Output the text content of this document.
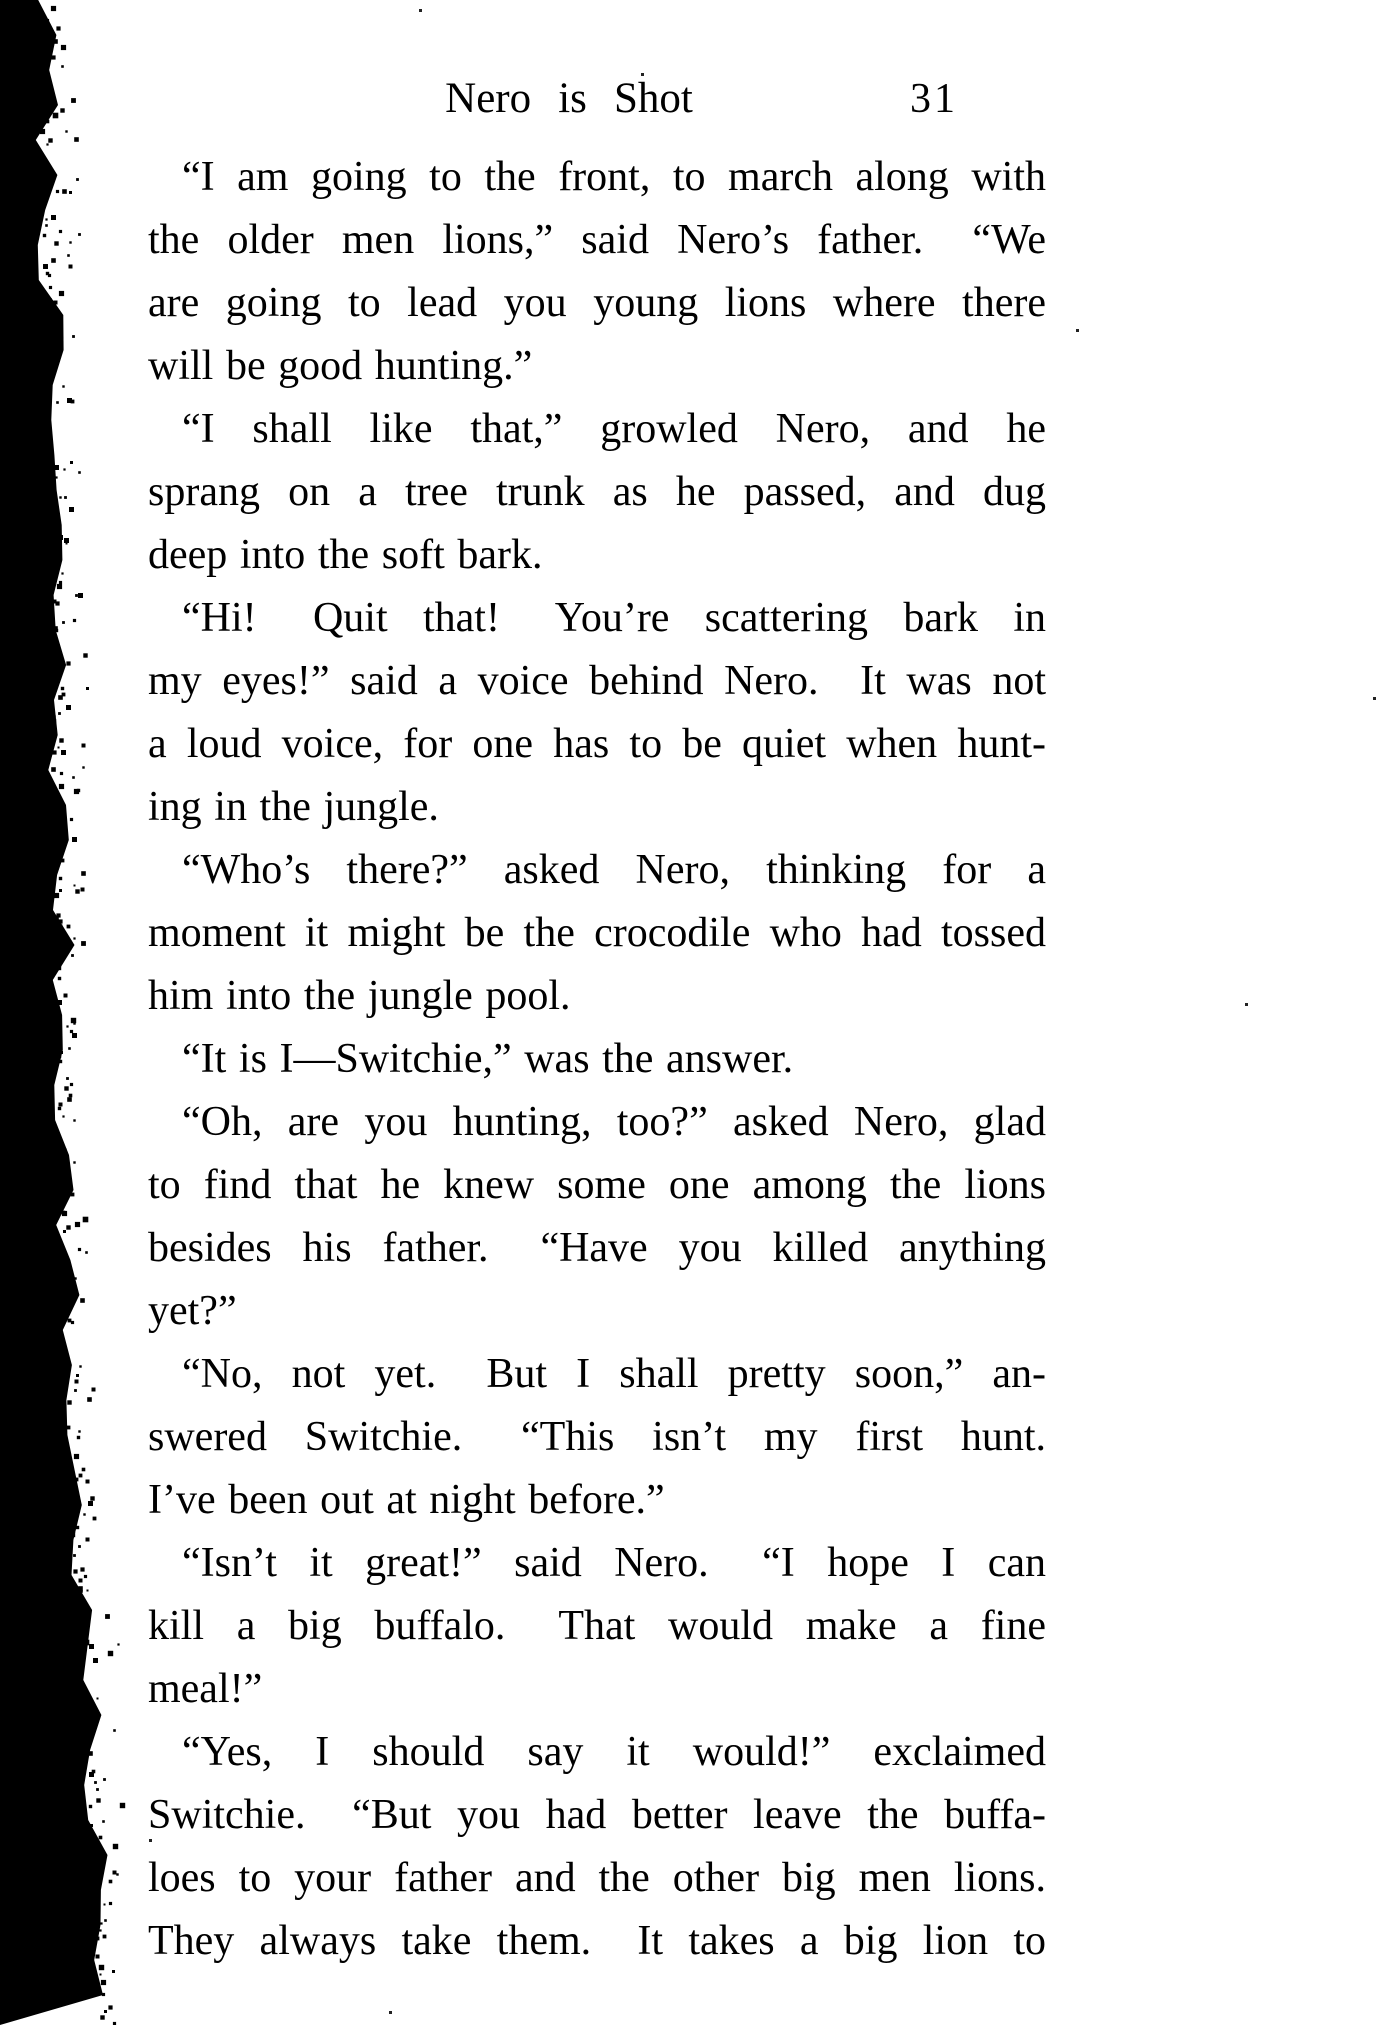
Nero is Shot	31
“I am going to the front, to march along with
the older men lions,” said Nero’s father.  “We
are going to lead you young lions where there
will be good hunting.”
“I shall like that,” growled Nero, and he
sprang on a tree trunk as he passed, and dug
deep into the soft bark.
“Hi!  Quit that!  You’re scattering bark in
my eyes!” said a voice behind Nero.  It was not
a loud voice, for one has to be quiet when hunt-
ing in the jungle.
“Who’s there?” asked Nero, thinking for a
moment it might be the crocodile who had tossed
him into the jungle pool.
“It is I—Switchie,” was the answer.
“Oh, are you hunting, too?” asked Nero, glad
to find that he knew some one among the lions
besides his father.  “Have you killed anything
yet?”
“No, not yet.  But I shall pretty soon,” an-
swered Switchie.  “This isn’t my first hunt.
I’ve been out at night before.”
“Isn’t it great!” said Nero.  “I hope I can
kill a big buffalo.  That would make a fine
meal!”
“Yes, I should say it would!” exclaimed
Switchie.  “But you had better leave the buffa-
loes to your father and the other big men lions.
They always take them.  It takes a big lion to
